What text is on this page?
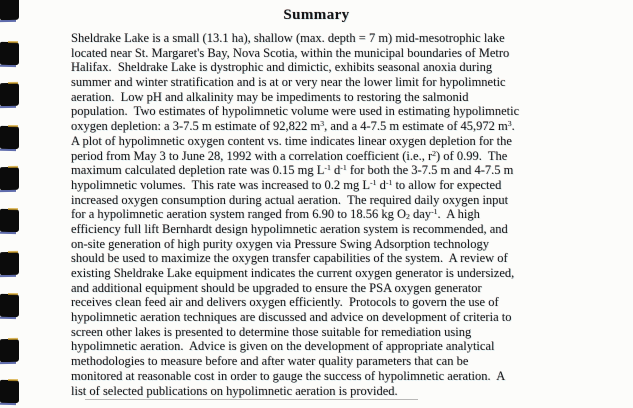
Summary
Sheldrake Lake is a small (13.1 ha), shallow (max. depth = 7 m) mid-mesotrophic lake
located near St. Margaret's Bay, Nova Scotia, within the municipal boundaries of Metro
Halifax.  Sheldrake Lake is dystrophic and dimictic, exhibits seasonal anoxia during
summer and winter stratification and is at or very near the lower limit for hypolimnetic
aeration.  Low pH and alkalinity may be impediments to restoring the salmonid
population.  Two estimates of hypolimnetic volume were used in estimating hypolimnetic
oxygen depletion: a 3-7.5 m estimate of 92,822 $m^3$, and a 4-7.5 m estimate of 45,972 $m^3$.
A plot of hypolimnetic oxygen content vs. time indicates linear oxygen depletion for the
period from May 3 to June 28, 1992 with a correlation coefficient (i.e., $r^2$) of 0.99.  The
maximum calculated depletion rate was 0.15 mg $L^{-1}$ $d^{-1}$ for both the 3-7.5 m and 4-7.5 m
hypolimnetic volumes.  This rate was increased to 0.2 mg $L^{-1}$ $d^{-1}$ to allow for expected
increased oxygen consumption during actual aeration.  The required daily oxygen input
for a hypolimnetic aeration system ranged from 6.90 to 18.56 kg $O_2$ day$^{-1}$.  A high
efficiency full lift Bernhardt design hypolimnetic aeration system is recommended, and
on-site generation of high purity oxygen via Pressure Swing Adsorption technology
should be used to maximize the oxygen transfer capabilities of the system.  A review of
existing Sheldrake Lake equipment indicates the current oxygen generator is undersized,
and additional equipment should be upgraded to ensure the PSA oxygen generator
receives clean feed air and delivers oxygen efficiently.  Protocols to govern the use of
hypolimnetic aeration techniques are discussed and advice on development of criteria to
screen other lakes is presented to determine those suitable for remediation using
hypolimnetic aeration.  Advice is given on the development of appropriate analytical
methodologies to measure before and after water quality parameters that can be
monitored at reasonable cost in order to gauge the success of hypolimnetic aeration.  A
list of selected publications on hypolimnetic aeration is provided.
